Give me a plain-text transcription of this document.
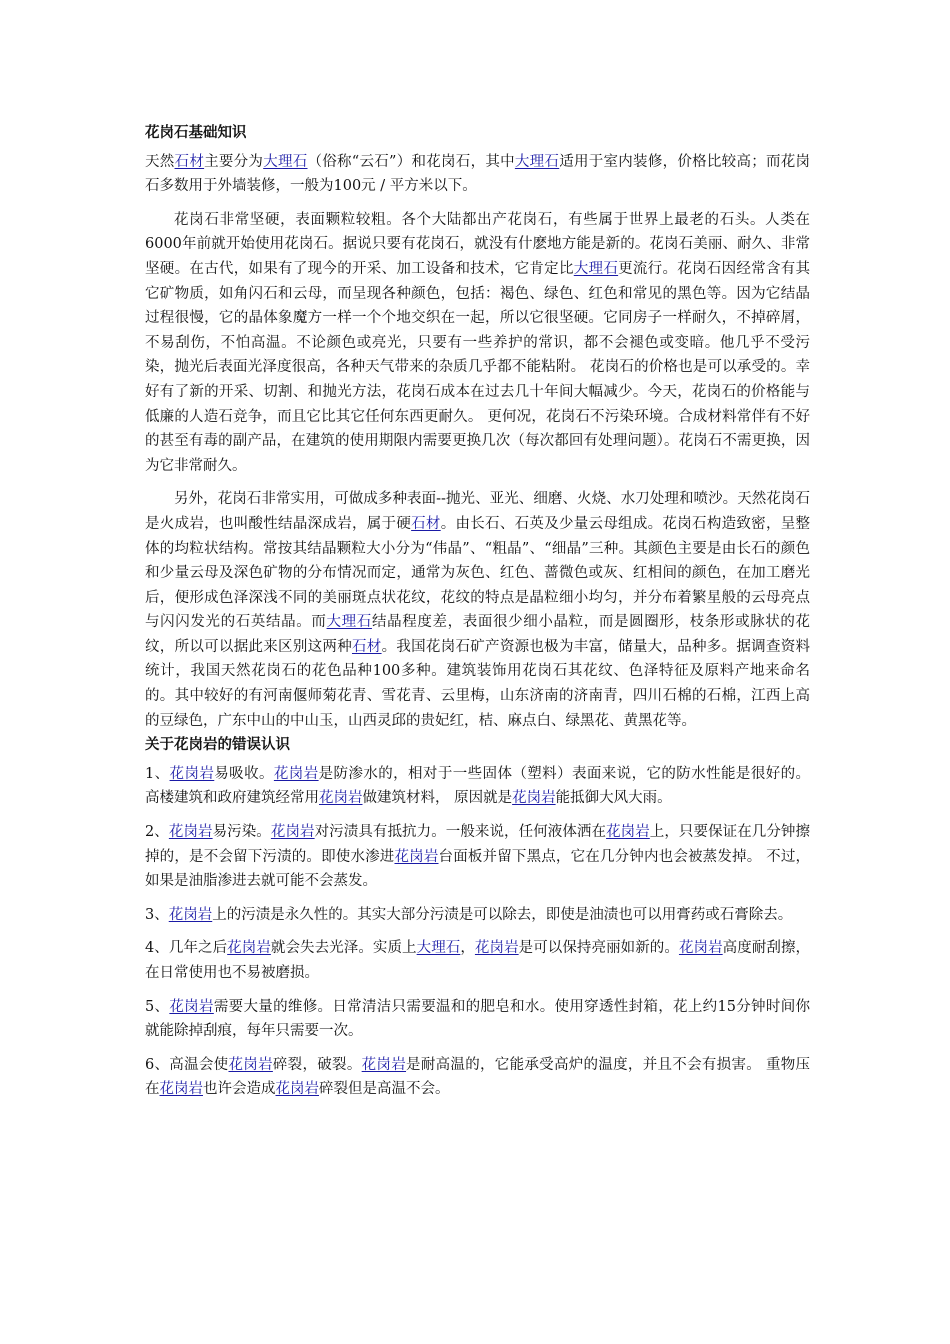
花岗石基础知识

天然石材主要分为大理石（俗称“云石”）和花岗石，其中大理石适用于室内装修，价格比较高；而花岗石多数用于外墙装修，一般为100元 / 平方米以下。

花岗石非常坚硬，表面颗粒较粗。各个大陆都出产花岗石，有些属于世界上最老的石头。人类在6000年前就开始使用花岗石。据说只要有花岗石，就没有什麽地方能是新的。花岗石美丽、耐久、非常坚硬。在古代，如果有了现今的开采、加工设备和技术，它肯定比大理石更流行。花岗石因经常含有其它矿物质，如角闪石和云母，而呈现各种颜色，包括：褐色、绿色、红色和常见的黑色等。因为它结晶过程很慢，它的晶体象魔方一样一个个地交织在一起，所以它很坚硬。它同房子一样耐久，不掉碎屑，不易刮伤，不怕高温。不论颜色或亮光，只要有一些养护的常识，都不会褪色或变暗。他几乎不受污染，抛光后表面光泽度很高，各种天气带来的杂质几乎都不能粘附。 花岗石的价格也是可以承受的。幸好有了新的开采、切割、和抛光方法，花岗石成本在过去几十年间大幅减少。今天，花岗石的价格能与低廉的人造石竞争，而且它比其它任何东西更耐久。 更何况，花岗石不污染环境。合成材料常伴有不好的甚至有毒的副产品，在建筑的使用期限内需要更换几次（每次都回有处理问题）。花岗石不需更换，因为它非常耐久。

另外，花岗石非常实用，可做成多种表面--抛光、亚光、细磨、火烧、水刀处理和喷沙。天然花岗石是火成岩，也叫酸性结晶深成岩，属于硬石材。由长石、石英及少量云母组成。花岗石构造致密，呈整体的均粒状结构。常按其结晶颗粒大小分为“伟晶”、“粗晶”、“细晶”三种。其颜色主要是由长石的颜色和少量云母及深色矿物的分布情况而定，通常为灰色、红色、蔷微色或灰、红相间的颜色，在加工磨光后，便形成色泽深浅不同的美丽斑点状花纹，花纹的特点是晶粒细小均匀，并分布着繁星般的云母亮点与闪闪发光的石英结晶。而大理石结晶程度差，表面很少细小晶粒，而是圆圈形，枝条形或脉状的花纹，所以可以据此来区别这两种石材。我国花岗石矿产资源也极为丰富，储量大，品种多。据调查资料统计，我国天然花岗石的花色品种100多种。建筑装饰用花岗石其花纹、色泽特征及原料产地来命名的。其中较好的有河南偃师菊花青、雪花青、云里梅，山东济南的济南青，四川石棉的石棉，江西上高的豆绿色，广东中山的中山玉，山西灵邱的贵妃红，桔、麻点白、绿黑花、黄黑花等。

关于花岗岩的错误认识

1、花岗岩易吸收。花岗岩是防渗水的，相对于一些固体（塑料）表面来说，它的防水性能是很好的。 高楼建筑和政府建筑经常用花岗岩做建筑材料， 原因就是花岗岩能抵御大风大雨。

2、花岗岩易污染。花岗岩对污渍具有抵抗力。一般来说，任何液体洒在花岗岩上，只要保证在几分钟擦掉的，是不会留下污渍的。即使水渗进花岗岩台面板并留下黑点，它在几分钟内也会被蒸发掉。 不过，如果是油脂渗进去就可能不会蒸发。

3、花岗岩上的污渍是永久性的。其实大部分污渍是可以除去，即使是油渍也可以用膏药或石膏除去。

4、几年之后花岗岩就会失去光泽。实质上大理石，花岗岩是可以保持亮丽如新的。花岗岩高度耐刮擦，在日常使用也不易被磨损。

5、花岗岩需要大量的维修。日常清洁只需要温和的肥皂和水。使用穿透性封箱，花上约15分钟时间你就能除掉刮痕，每年只需要一次。

6、高温会使花岗岩碎裂，破裂。花岗岩是耐高温的，它能承受高炉的温度，并且不会有损害。 重物压在花岗岩也许会造成花岗岩碎裂但是高温不会。
